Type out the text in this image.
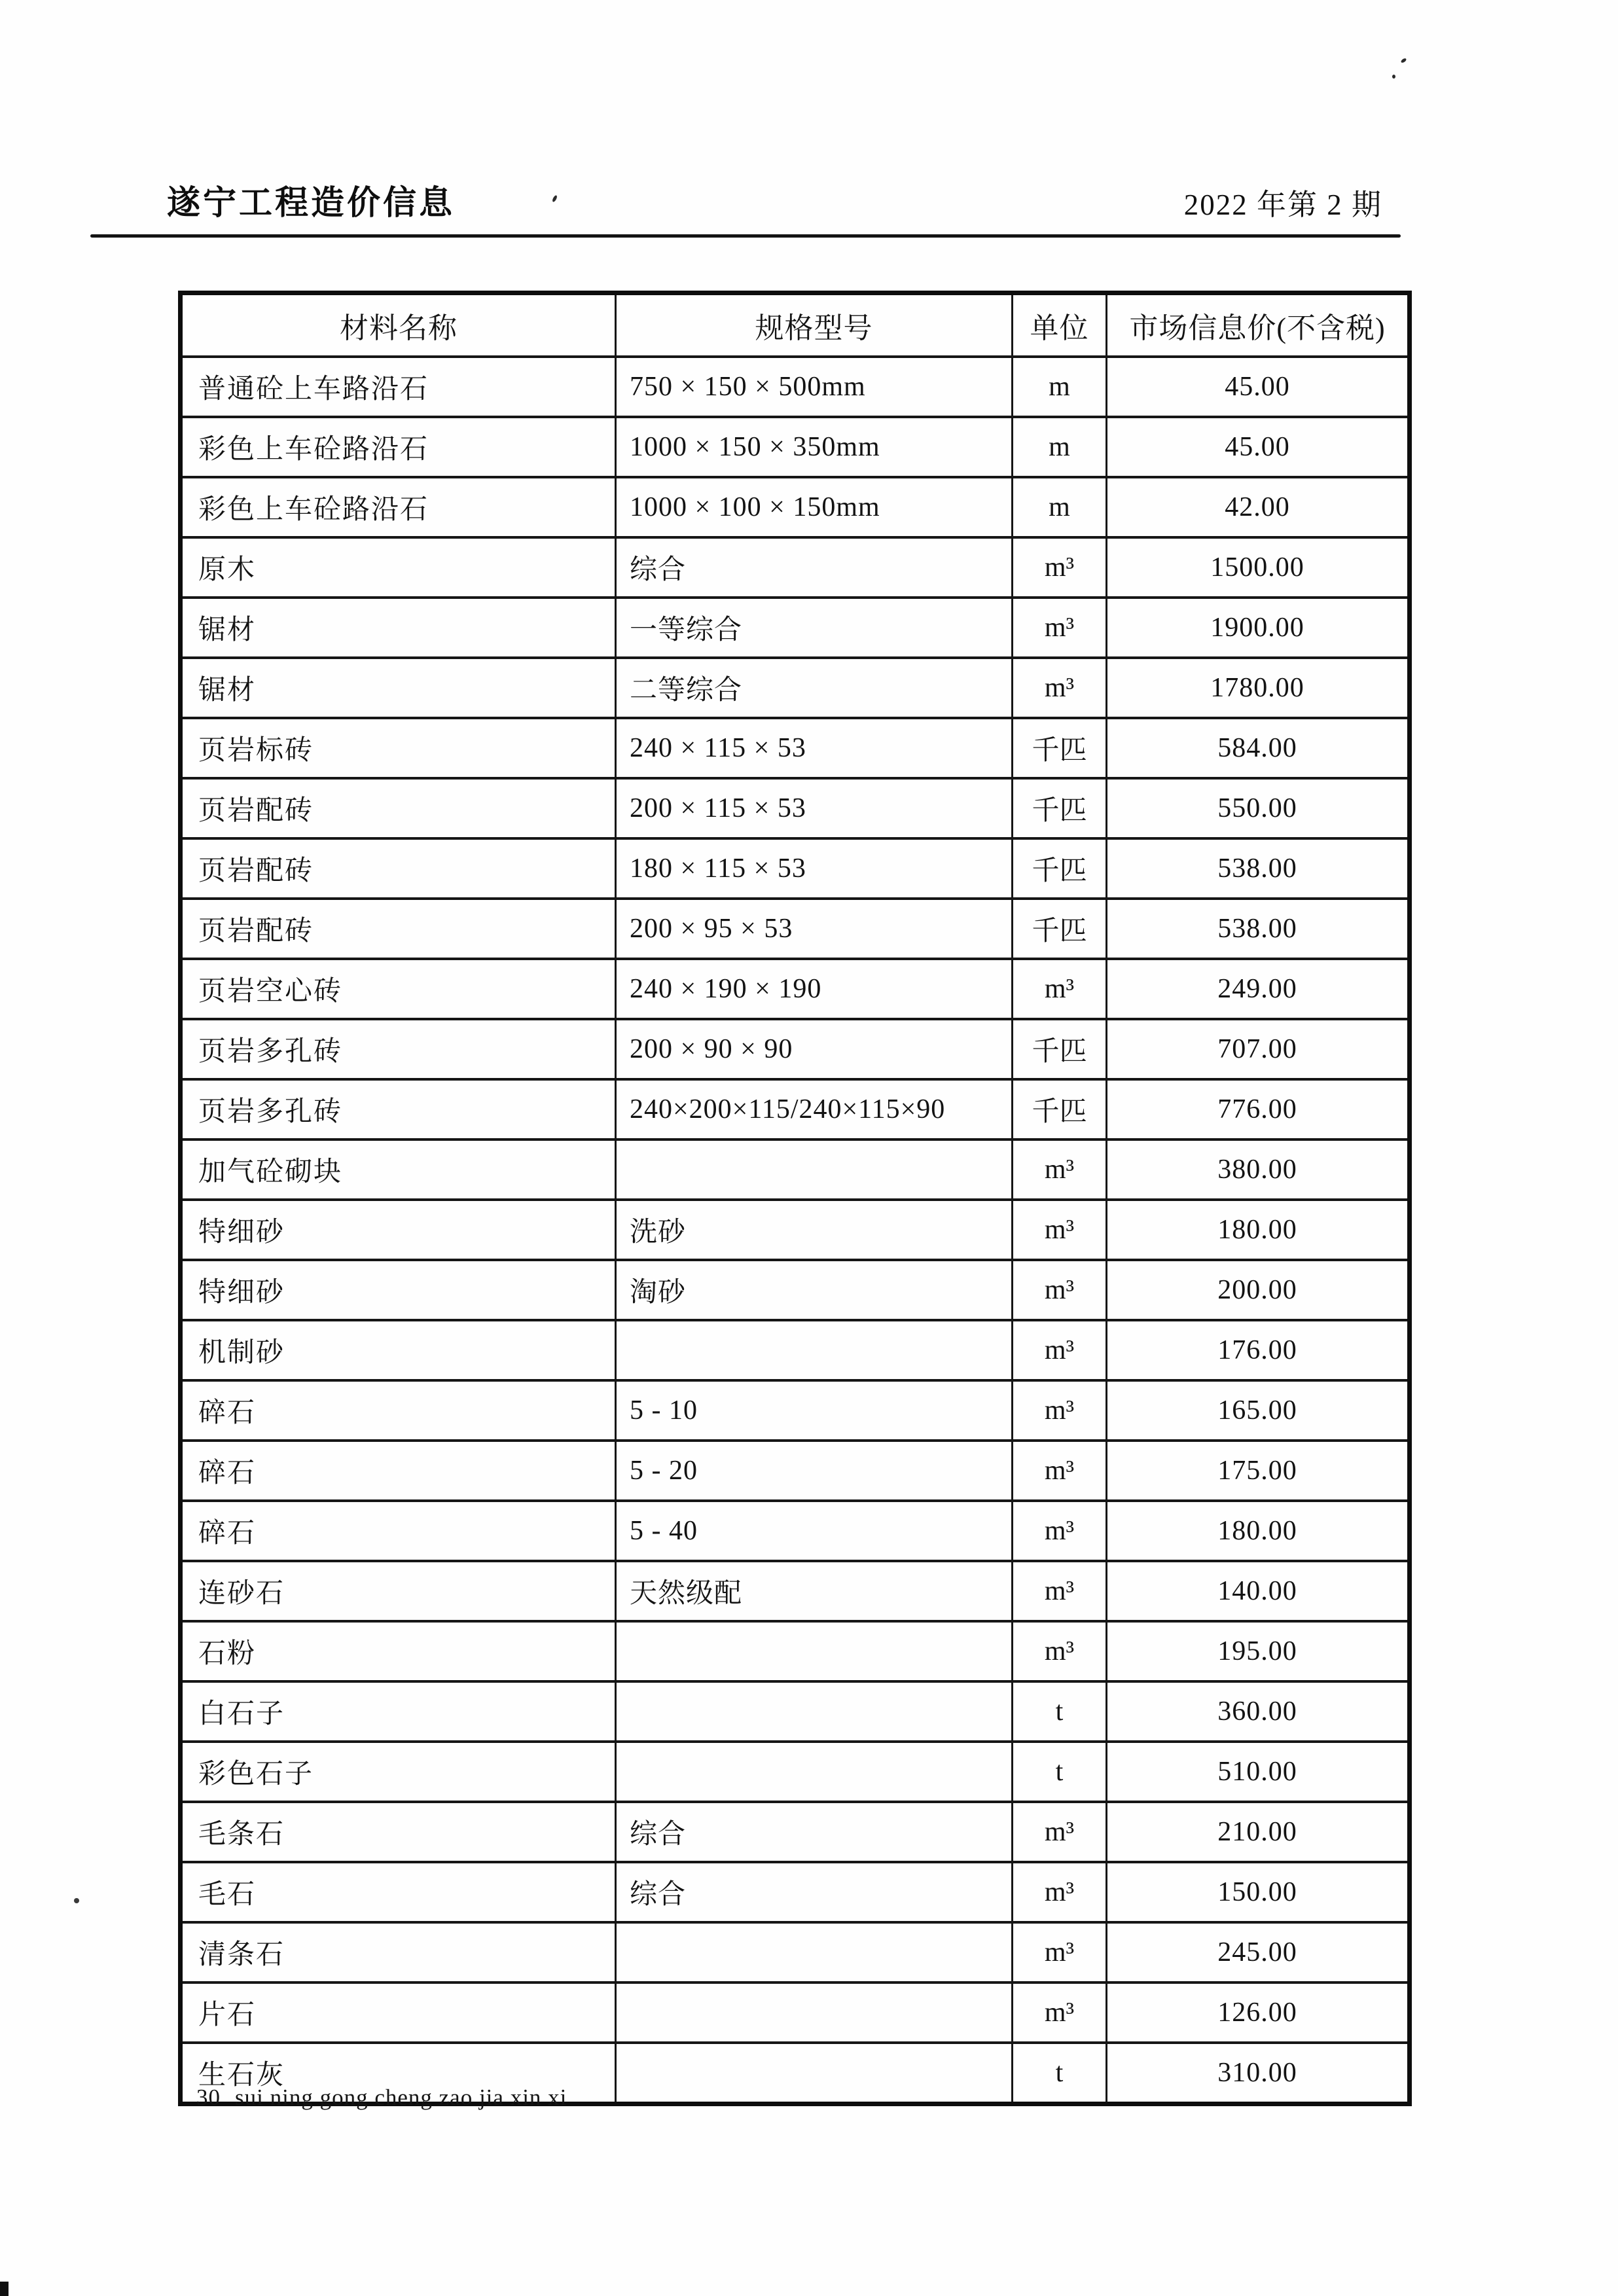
遂宁工程造价信息	2022 年第 2 期
材料名称	规格型号	单位	市场信息价(不含税)
普通砼上车路沿石	750 × 150 × 500mm	m	45.00
彩色上车砼路沿石	1000 × 150 × 350mm	m	45.00
彩色上车砼路沿石	1000 × 100 × 150mm	m	42.00
原木	综合	m³	1500.00
锯材	一等综合	m³	1900.00
锯材	二等综合	m³	1780.00
页岩标砖	240 × 115 × 53	千匹	584.00
页岩配砖	200 × 115 × 53	千匹	550.00
页岩配砖	180 × 115 × 53	千匹	538.00
页岩配砖	200 × 95 × 53	千匹	538.00
页岩空心砖	240 × 190 × 190	m³	249.00
页岩多孔砖	200 × 90 × 90	千匹	707.00
页岩多孔砖	240×200×115/240×115×90	千匹	776.00
加气砼砌块		m³	380.00
特细砂	洗砂	m³	180.00
特细砂	淘砂	m³	200.00
机制砂		m³	176.00
碎石	5 - 10	m³	165.00
碎石	5 - 20	m³	175.00
碎石	5 - 40	m³	180.00
连砂石	天然级配	m³	140.00
石粉		m³	195.00
白石子		t	360.00
彩色石子		t	510.00
毛条石	综合	m³	210.00
毛石	综合	m³	150.00
清条石		m³	245.00
片石		m³	126.00
生石灰		t	310.00
30 sui ning gong cheng zao jia xin xi
